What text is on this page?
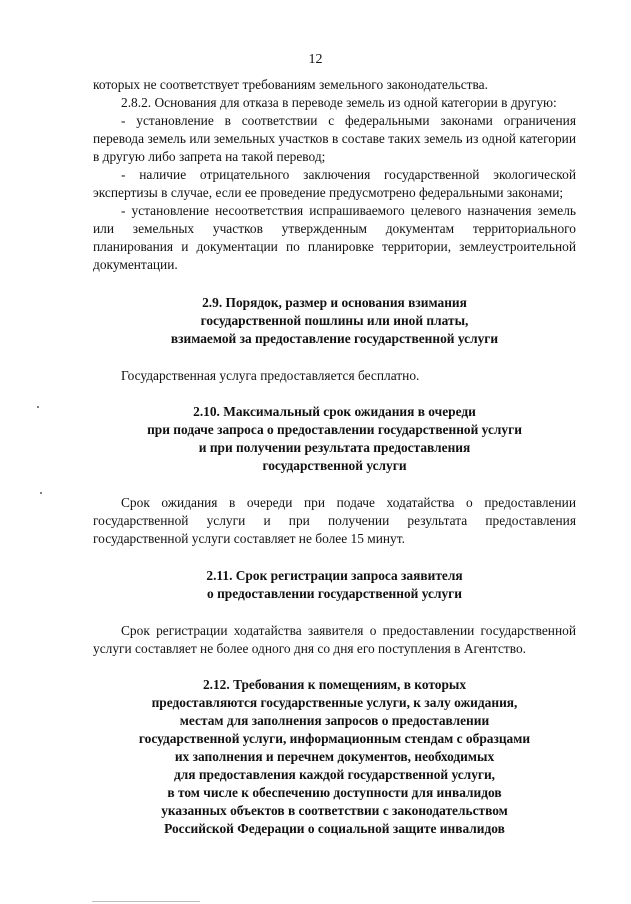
12

которых не соответствует требованиям земельного законодательства.

2.8.2. Основания для отказа в переводе земель из одной категории в другую:

- установление в соответствии с федеральными законами ограничения перевода земель или земельных участков в составе таких земель из одной категории в другую либо запрета на такой перевод;

- наличие отрицательного заключения государственной экологической экспертизы в случае, если ее проведение предусмотрено федеральными законами;

- установление несоответствия испрашиваемого целевого назначения земель или земельных участков утвержденным документам территориального планирования и документации по планировке территории, землеустроительной документации.

2.9. Порядок, размер и основания взимания
государственной пошлины или иной платы,
взимаемой за предоставление государственной услуги

Государственная услуга предоставляется бесплатно.

2.10. Максимальный срок ожидания в очереди
при подаче запроса о предоставлении государственной услуги
и при получении результата предоставления
государственной услуги

Срок ожидания в очереди при подаче ходатайства о предоставлении государственной услуги и при получении результата предоставления государственной услуги составляет не более 15 минут.

2.11. Срок регистрации запроса заявителя
о предоставлении государственной услуги

Срок регистрации ходатайства заявителя о предоставлении государственной услуги составляет не более одного дня со дня его поступления в Агентство.

2.12. Требования к помещениям, в которых
предоставляются государственные услуги, к залу ожидания,
местам для заполнения запросов о предоставлении
государственной услуги, информационным стендам с образцами
их заполнения и перечнем документов, необходимых
для предоставления каждой государственной услуги,
в том числе к обеспечению доступности для инвалидов
указанных объектов в соответствии с законодательством
Российской Федерации о социальной защите инвалидов
